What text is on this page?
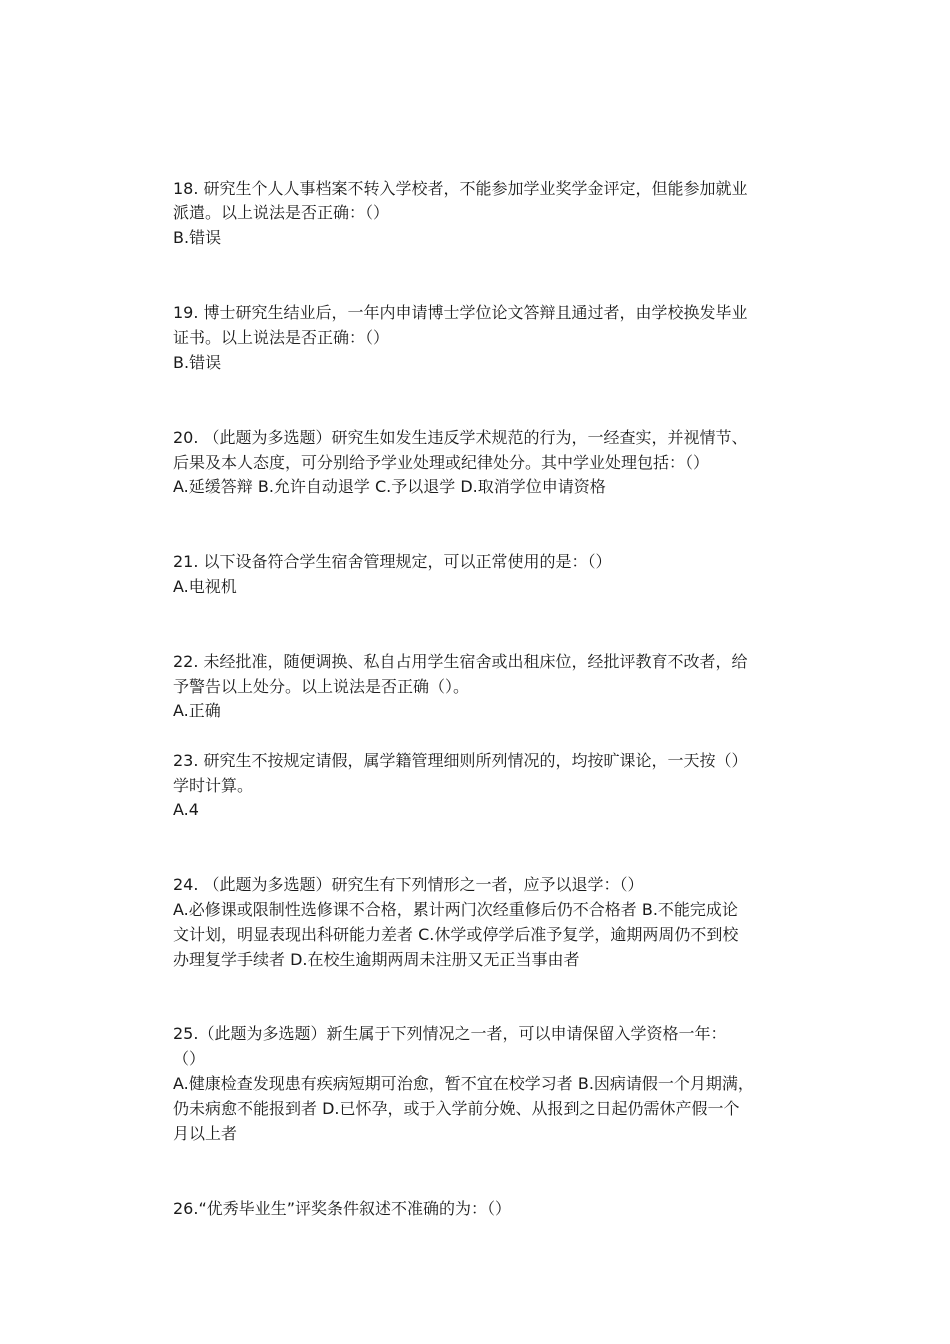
18. 研究生个人人事档案不转入学校者，不能参加学业奖学金评定，但能参加就业

派遣。以上说法是否正确：（）

B.错误

19. 博士研究生结业后，一年内申请博士学位论文答辩且通过者，由学校换发毕业

证书。以上说法是否正确：（）

B.错误

20. （此题为多选题）研究生如发生违反学术规范的行为，一经查实，并视情节、

后果及本人态度，可分别给予学业处理或纪律处分。其中学业处理包括：（）

A.延缓答辩 B.允许自动退学 C.予以退学 D.取消学位申请资格

21. 以下设备符合学生宿舍管理规定，可以正常使用的是：（）

A.电视机

22. 未经批准，随便调换、私自占用学生宿舍或出租床位，经批评教育不改者，给

予警告以上处分。以上说法是否正确（）。

A.正确

23. 研究生不按规定请假，属学籍管理细则所列情况的，均按旷课论，一天按（）

学时计算。

A.4

24. （此题为多选题）研究生有下列情形之一者，应予以退学：（）

A.必修课或限制性选修课不合格，累计两门次经重修后仍不合格者 B.不能完成论

文计划，明显表现出科研能力差者 C.休学或停学后准予复学，逾期两周仍不到校

办理复学手续者 D.在校生逾期两周未注册又无正当事由者

25.（此题为多选题）新生属于下列情况之一者，可以申请保留入学资格一年：

（）

A.健康检查发现患有疾病短期可治愈，暂不宜在校学习者 B.因病请假一个月期满，

仍未病愈不能报到者 D.已怀孕，或于入学前分娩、从报到之日起仍需休产假一个

月以上者

26.“优秀毕业生”评奖条件叙述不准确的为：（）
